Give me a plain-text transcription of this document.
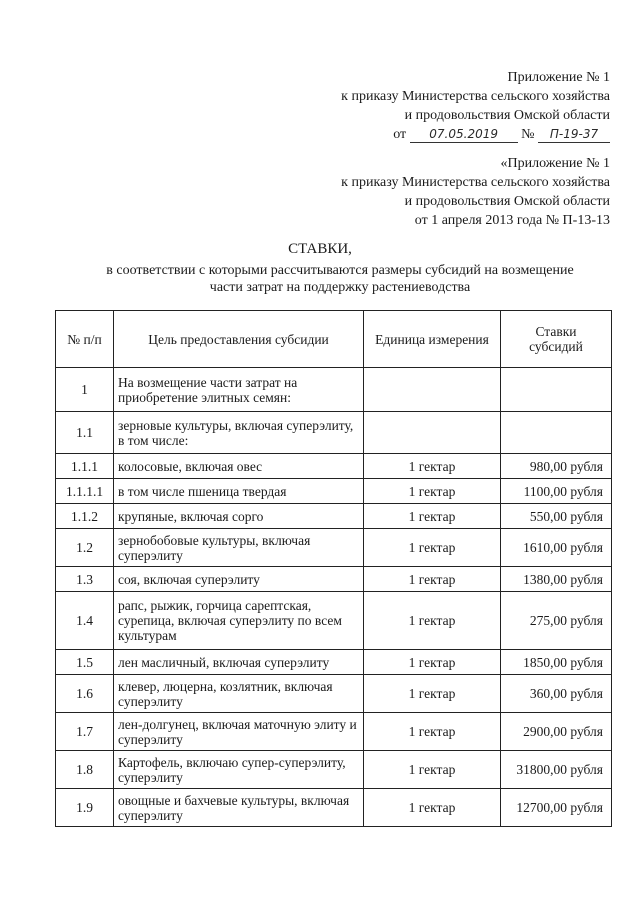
Приложение № 1
к приказу Министерства сельского хозяйства
и продовольствия Омской области
от 07.05.2019 № П-19-37
«Приложение № 1
к приказу Министерства сельского хозяйства
и продовольствия Омской области
от 1 апреля 2013 года № П-13-13
СТАВКИ,
в соответствии с которыми рассчитываются размеры субсидий на возмещение
части затрат на поддержку растениеводства
№ п/п	Цель предоставления субсидии	Единица измерения	Ставки субсидий
1	На возмещение части затрат на приобретение элитных семян:		
1.1	зерновые культуры, включая суперэлиту, в том числе:		
1.1.1	колосовые, включая овес	1 гектар	980,00 рубля
1.1.1.1	в том числе пшеница твердая	1 гектар	1100,00 рубля
1.1.2	крупяные, включая сорго	1 гектар	550,00 рубля
1.2	зернобобовые культуры, включая суперэлиту	1 гектар	1610,00 рубля
1.3	соя, включая суперэлиту	1 гектар	1380,00 рубля
1.4	рапс, рыжик, горчица сарептская, сурепица, включая суперэлиту по всем культурам	1 гектар	275,00 рубля
1.5	лен масличный, включая суперэлиту	1 гектар	1850,00 рубля
1.6	клевер, люцерна, козлятник, включая суперэлиту	1 гектар	360,00 рубля
1.7	лен-долгунец, включая маточную элиту и суперэлиту	1 гектар	2900,00 рубля
1.8	Картофель, включаю супер-суперэлиту, суперэлиту	1 гектар	31800,00 рубля
1.9	овощные и бахчевые культуры, включая суперэлиту	1 гектар	12700,00 рубля
